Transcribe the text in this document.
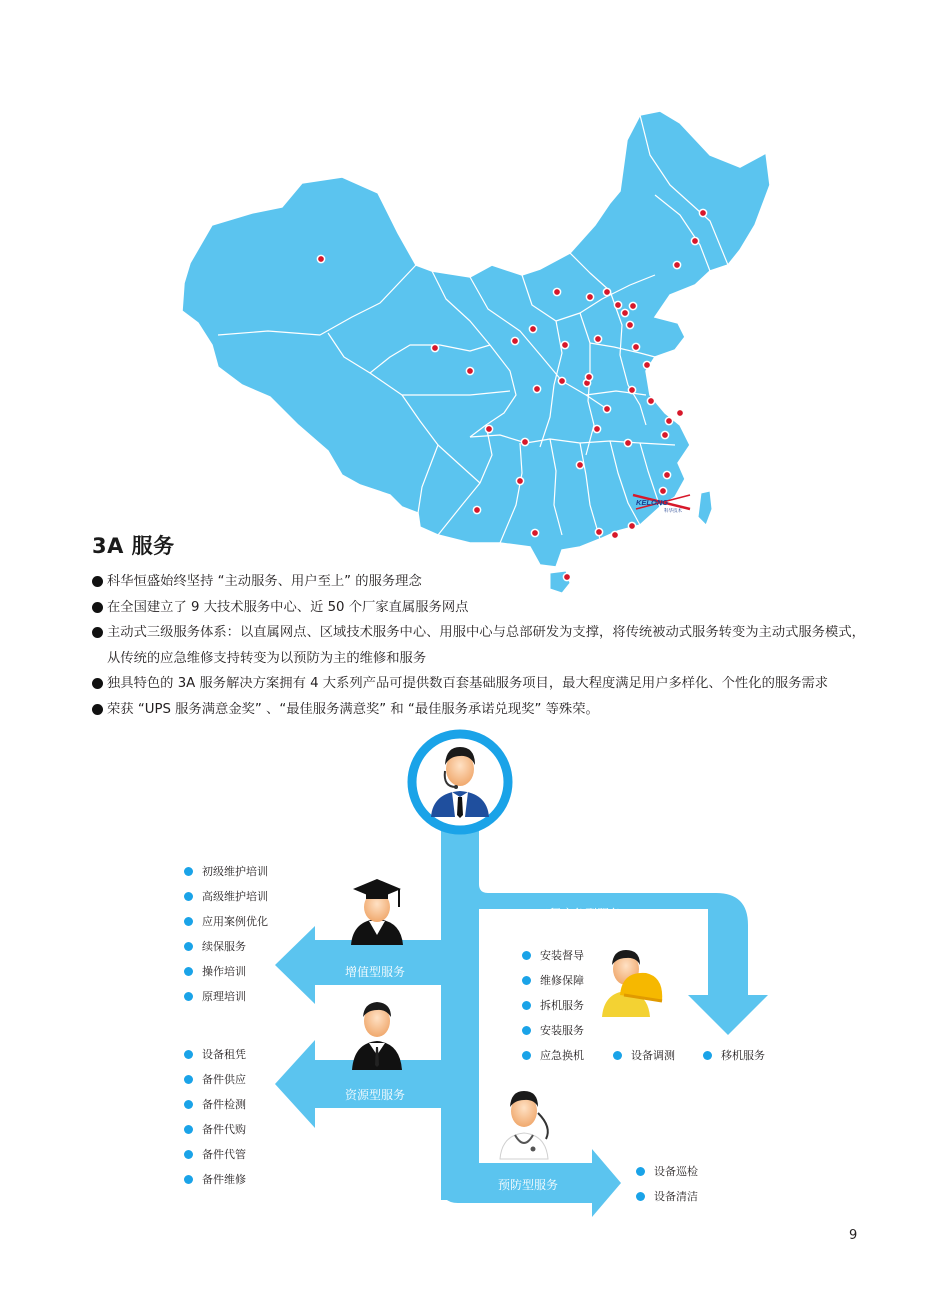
KELONG
科华技术
3A 服务
科华恒盛始终坚持 “主动服务、用户至上” 的服务理念
在全国建立了 9 大技术服务中心、近 50 个厂家直属服务网点
主动式三级服务体系：以直属网点、区域技术服务中心、用服中心与总部研发为支撑，将传统被动式服务转变为主动式服务模式，从传统的应急维修支持转变为以预防为主的维修和服务
独具特色的 3A 服务解决方案拥有 4 大系列产品可提供数百套基础服务项目，最大程度满足用户多样化、个性化的服务需求
荣获 “UPS 服务满意金奖” 、“最佳服务满意奖” 和 “最佳服务承诺兑现奖” 等殊荣。
增值型服务
资源型服务
工程应急型服务
预防型服务
初级维护培训
高级维护培训
应用案例优化
续保服务
操作培训
原理培训
设备租凭
备件供应
备件检测
备件代购
备件代管
备件维修
安装督导
维修保障
拆机服务
安装服务
应急换机	设备调测	移机服务
设备巡检
设备清洁
9
